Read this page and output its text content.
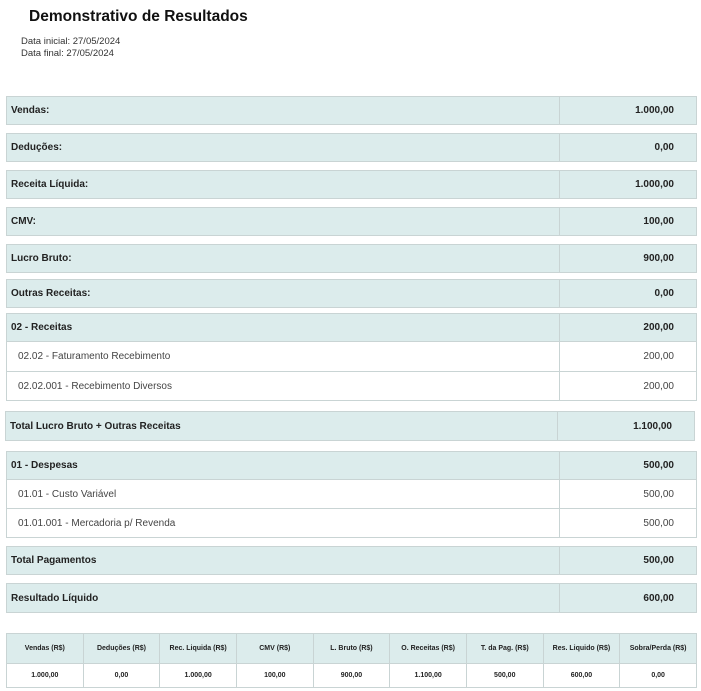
Demonstrativo de Resultados
Data inicial: 27/05/2024
Data final: 27/05/2024
Vendas:	1.000,00
Deduções:	0,00
Receita Líquida:	1.000,00
CMV:	100,00
Lucro Bruto:	900,00
Outras Receitas:	0,00
02 - Receitas	200,00
02.02 - Faturamento Recebimento	200,00
02.02.001 - Recebimento Diversos	200,00
Total Lucro Bruto + Outras Receitas	1.100,00
01 - Despesas	500,00
01.01 - Custo Variável	500,00
01.01.001 - Mercadoria p/ Revenda	500,00
Total Pagamentos	500,00
Resultado Líquido	600,00
Vendas (R$)	Deduções (R$)	Rec. Liquida (R$)	CMV (R$)	L. Bruto (R$)	O. Receitas (R$)	T. da Pag. (R$)	Res. Liquido (R$)	Sobra/Perda (R$)
1.000,00	0,00	1.000,00	100,00	900,00	1.100,00	500,00	600,00	0,00
